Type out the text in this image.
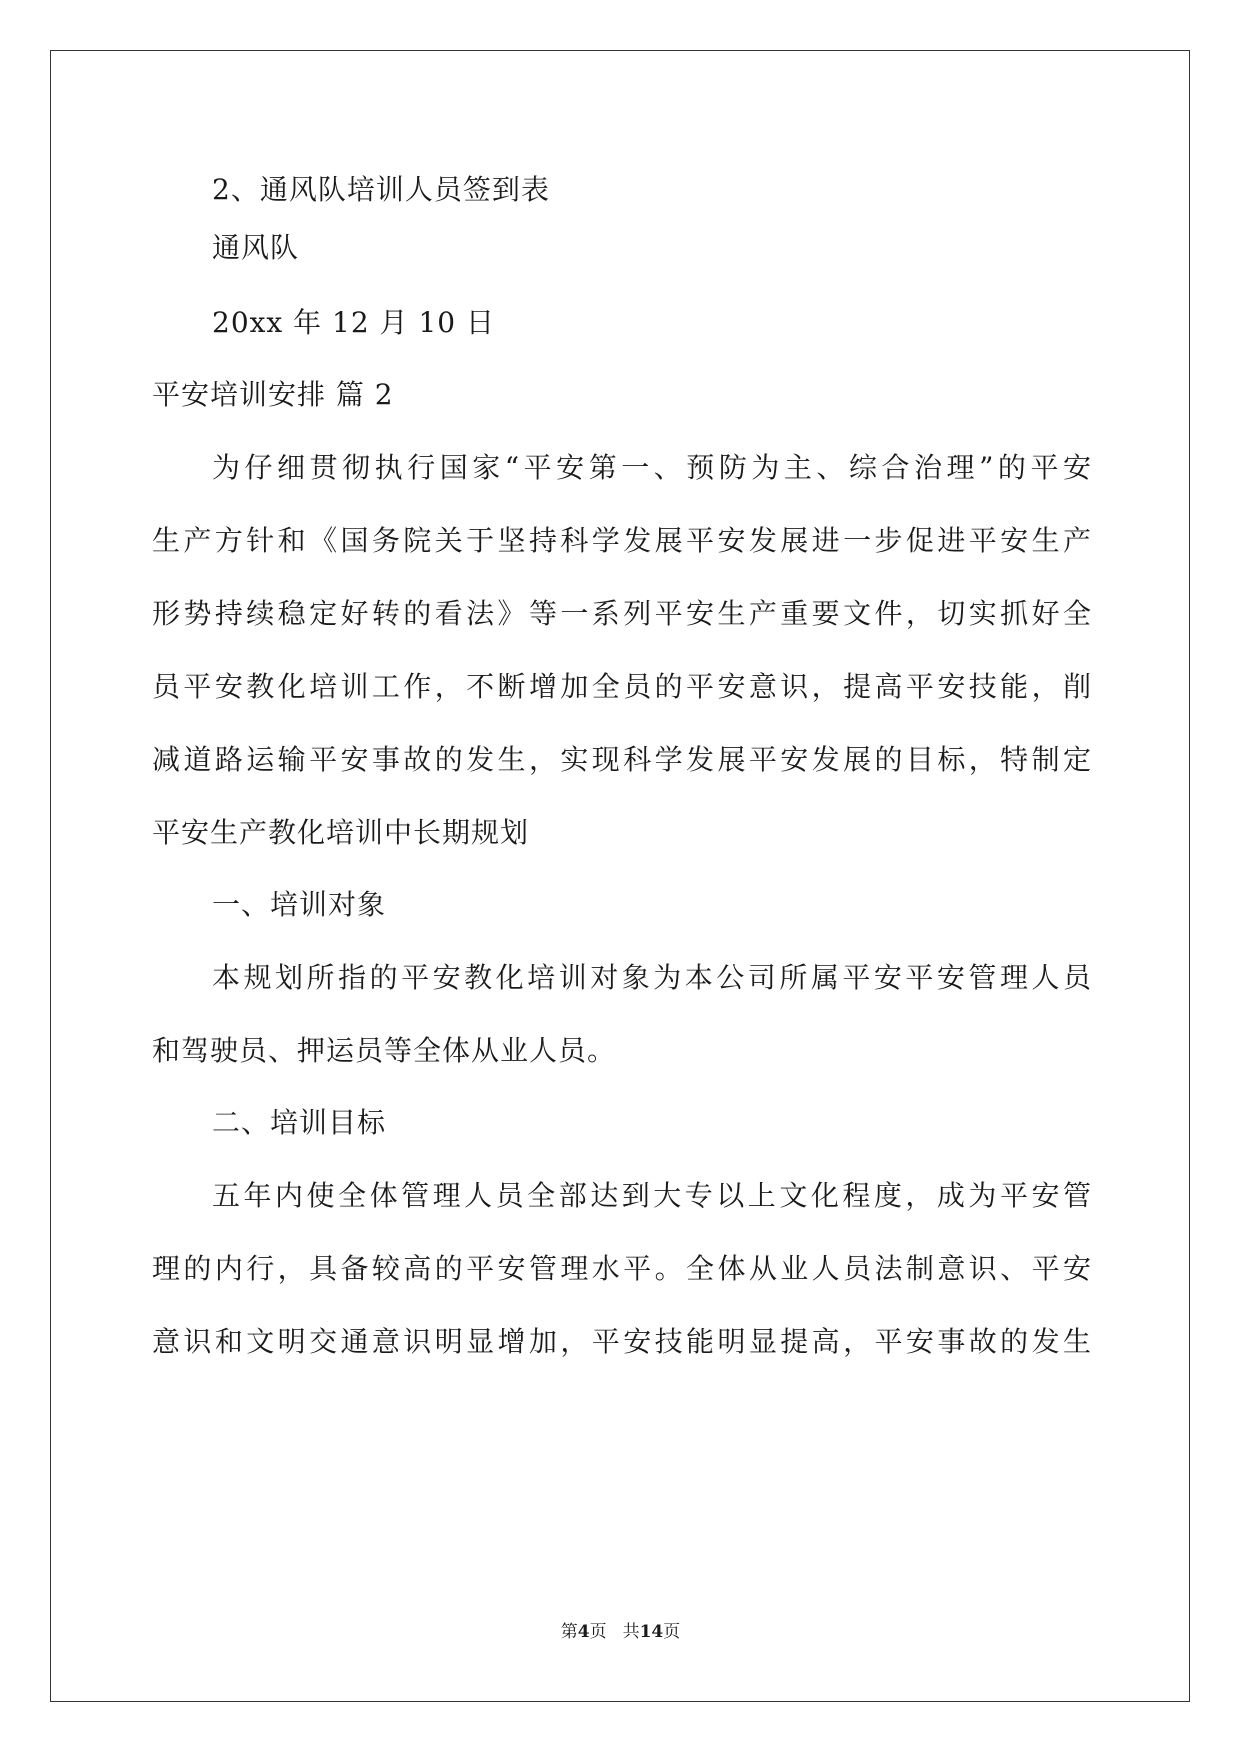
2、通风队培训人员签到表
通风队
20xx 年 12 月 10 日
平安培训安排 篇 2
为仔细贯彻执行国家“平安第一、预防为主、综合治理”的平安
生产方针和《国务院关于坚持科学发展平安发展进一步促进平安生产
形势持续稳定好转的看法》等一系列平安生产重要文件，切实抓好全
员平安教化培训工作，不断增加全员的平安意识，提高平安技能，削
减道路运输平安事故的发生，实现科学发展平安发展的目标，特制定
平安生产教化培训中长期规划
一、培训对象
本规划所指的平安教化培训对象为本公司所属平安平安管理人员
和驾驶员、押运员等全体从业人员。
二、培训目标
五年内使全体管理人员全部达到大专以上文化程度，成为平安管
理的内行，具备较高的平安管理水平。全体从业人员法制意识、平安
意识和文明交通意识明显增加，平安技能明显提高，平安事故的发生
第4页 共14页
